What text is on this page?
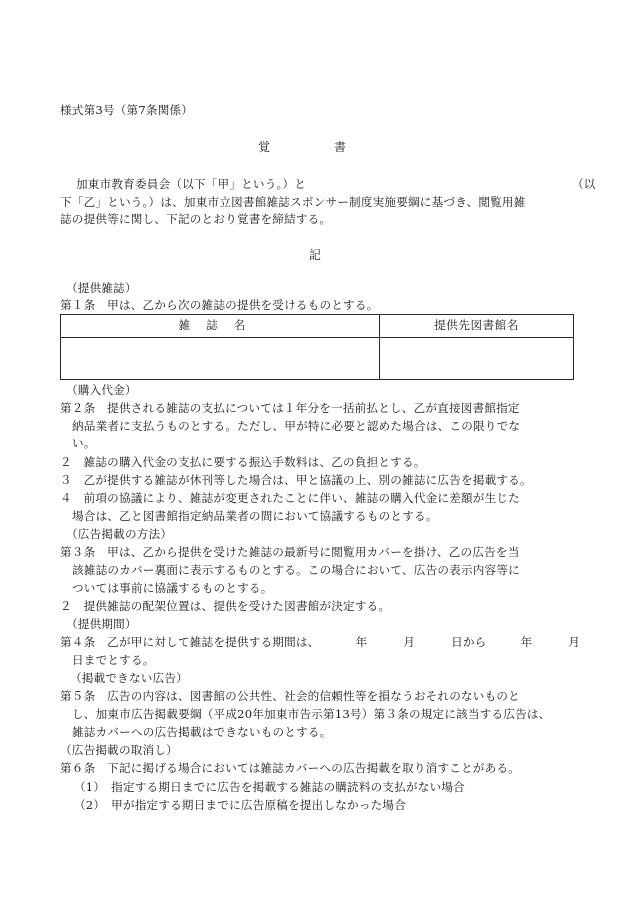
様式第3号（第7条関係）
覚　書
加東市教育委員会（以下「甲」という。）と	（以
下「乙」という。）は、加東市立図書館雑誌スポンサー制度実施要綱に基づき、閲覧用雑
誌の提供等に関し、下記のとおり覚書を締結する。
記
（提供雑誌）
第１条　甲は、乙から次の雑誌の提供を受けるものとする。
雑誌名	提供先図書館名

（購入代金）
第２条　提供される雑誌の支払については１年分を一括前払とし、乙が直接図書館指定
納品業者に支払うものとする。ただし、甲が特に必要と認めた場合は、この限りでな
い。
２　雑誌の購入代金の支払に要する振込手数料は、乙の負担とする。
３　乙が提供する雑誌が休刊等した場合は、甲と協議の上、別の雑誌に広告を掲載する。
４　前項の協議により、雑誌が変更されたことに伴い、雑誌の購入代金に差額が生じた
場合は、乙と図書館指定納品業者の間において協議するものとする。
（広告掲載の方法）
第３条　甲は、乙から提供を受けた雑誌の最新号に閲覧用カバーを掛け、乙の広告を当
該雑誌のカバー裏面に表示するものとする。この場合において、広告の表示内容等に
ついては事前に協議するものとする。
２　提供雑誌の配架位置は、提供を受けた図書館が決定する。
（提供期間）
第４条　乙が甲に対して雑誌を提供する期間は、	年	月	日から	年	月
日までとする。
（掲載できない広告）
第５条　広告の内容は、図書館の公共性、社会的信頼性等を損なうおそれのないものと
し、加東市広告掲載要綱（平成20年加東市告示第13号）第３条の規定に該当する広告は、
雑誌カバーへの広告掲載はできないものとする。
（広告掲載の取消し）
第６条　下記に掲げる場合においては雑誌カバーへの広告掲載を取り消すことがある。
（1）　指定する期日までに広告を掲載する雑誌の購読料の支払がない場合
（2）　甲が指定する期日までに広告原稿を提出しなかった場合
